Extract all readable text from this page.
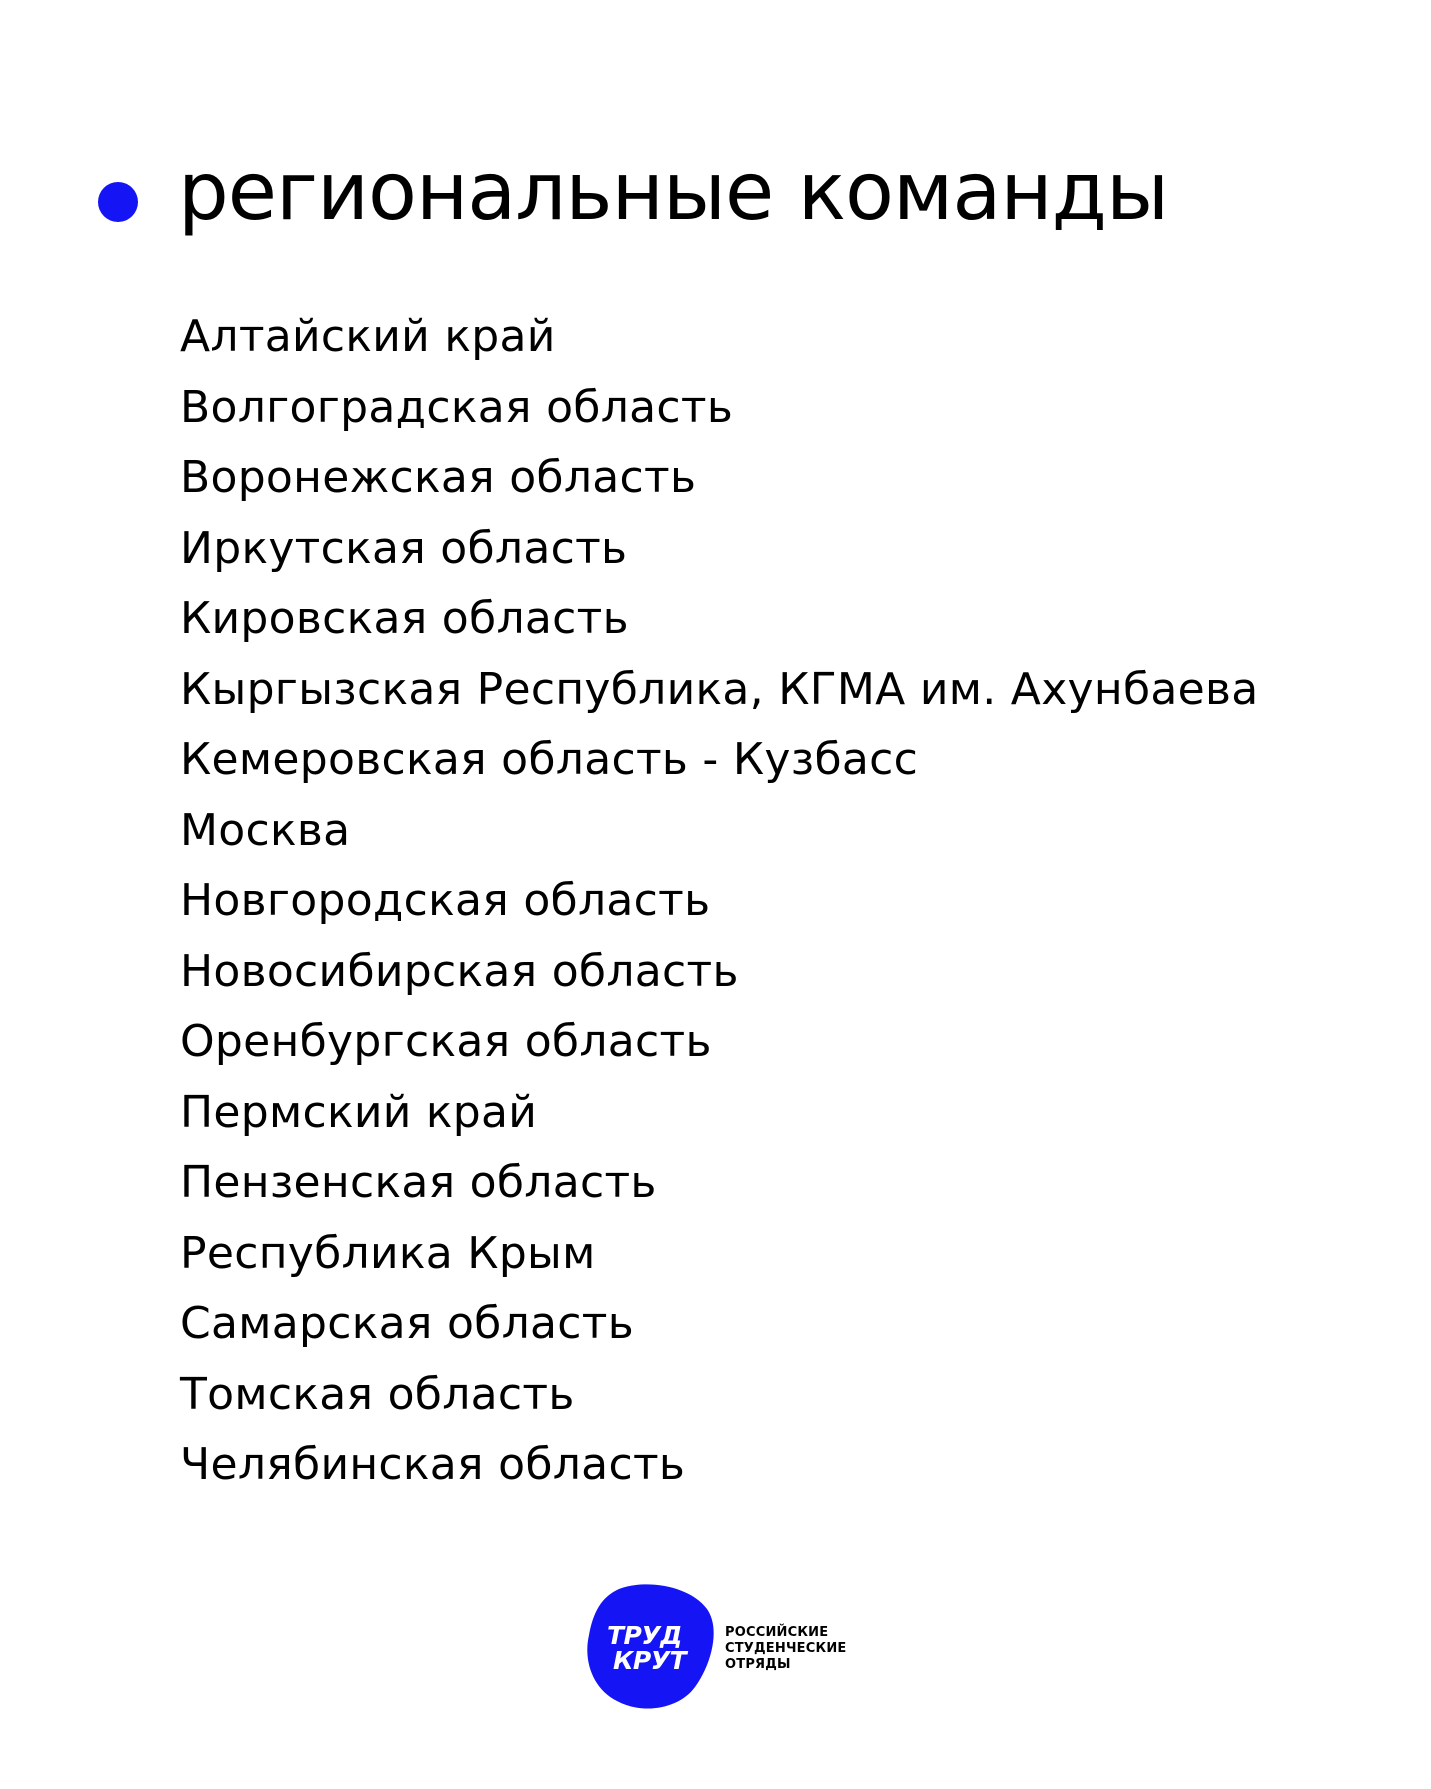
региональные команды
Алтайский край
Волгоградская область
Воронежская область
Иркутская область
Кировская область
Кыргызская Республика, КГМА им. Ахунбаева
Кемеровская область - Кузбасс
Москва
Новгородская область
Новосибирская область
Оренбургская область
Пермский край
Пензенская область
Республика Крым
Самарская область
Томская область
Челябинская область
ТРУД
КРУТ
РОССИЙСКИЕ
СТУДЕНЧЕСКИЕ
ОТРЯДЫ
